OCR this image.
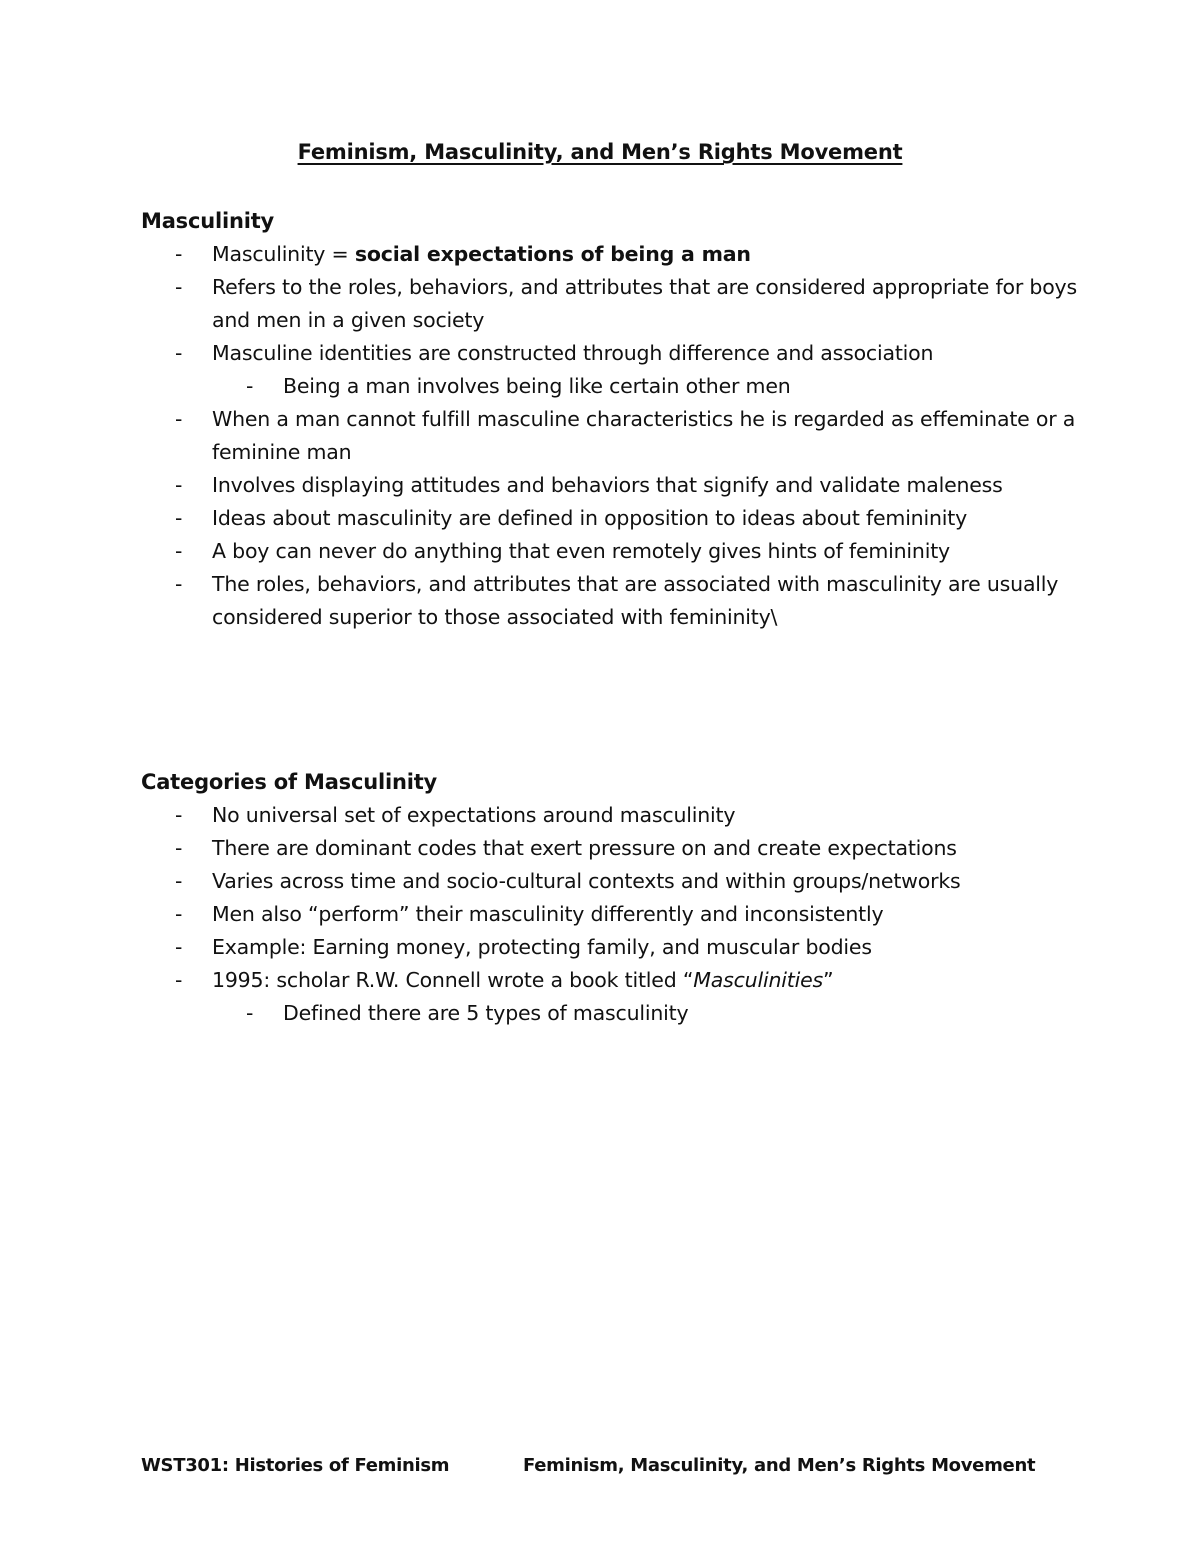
Feminism, Masculinity, and Men’s Rights Movement
Masculinity
- Masculinity = social expectations of being a man
- Refers to the roles, behaviors, and attributes that are considered appropriate for boys and men in a given society
- Masculine identities are constructed through difference and association
- Being a man involves being like certain other men
- When a man cannot fulfill masculine characteristics he is regarded as effeminate or a feminine man
- Involves displaying attitudes and behaviors that signify and validate maleness
- Ideas about masculinity are defined in opposition to ideas about femininity
- A boy can never do anything that even remotely gives hints of femininity
- The roles, behaviors, and attributes that are associated with masculinity are usually considered superior to those associated with femininity\
Categories of Masculinity
- No universal set of expectations around masculinity
- There are dominant codes that exert pressure on and create expectations
- Varies across time and socio-cultural contexts and within groups/networks
- Men also “perform” their masculinity differently and inconsistently
- Example: Earning money, protecting family, and muscular bodies
- 1995: scholar R.W. Connell wrote a book titled “Masculinities”
- Defined there are 5 types of masculinity
WST301: Histories of Feminism	Feminism, Masculinity, and Men’s Rights Movement
